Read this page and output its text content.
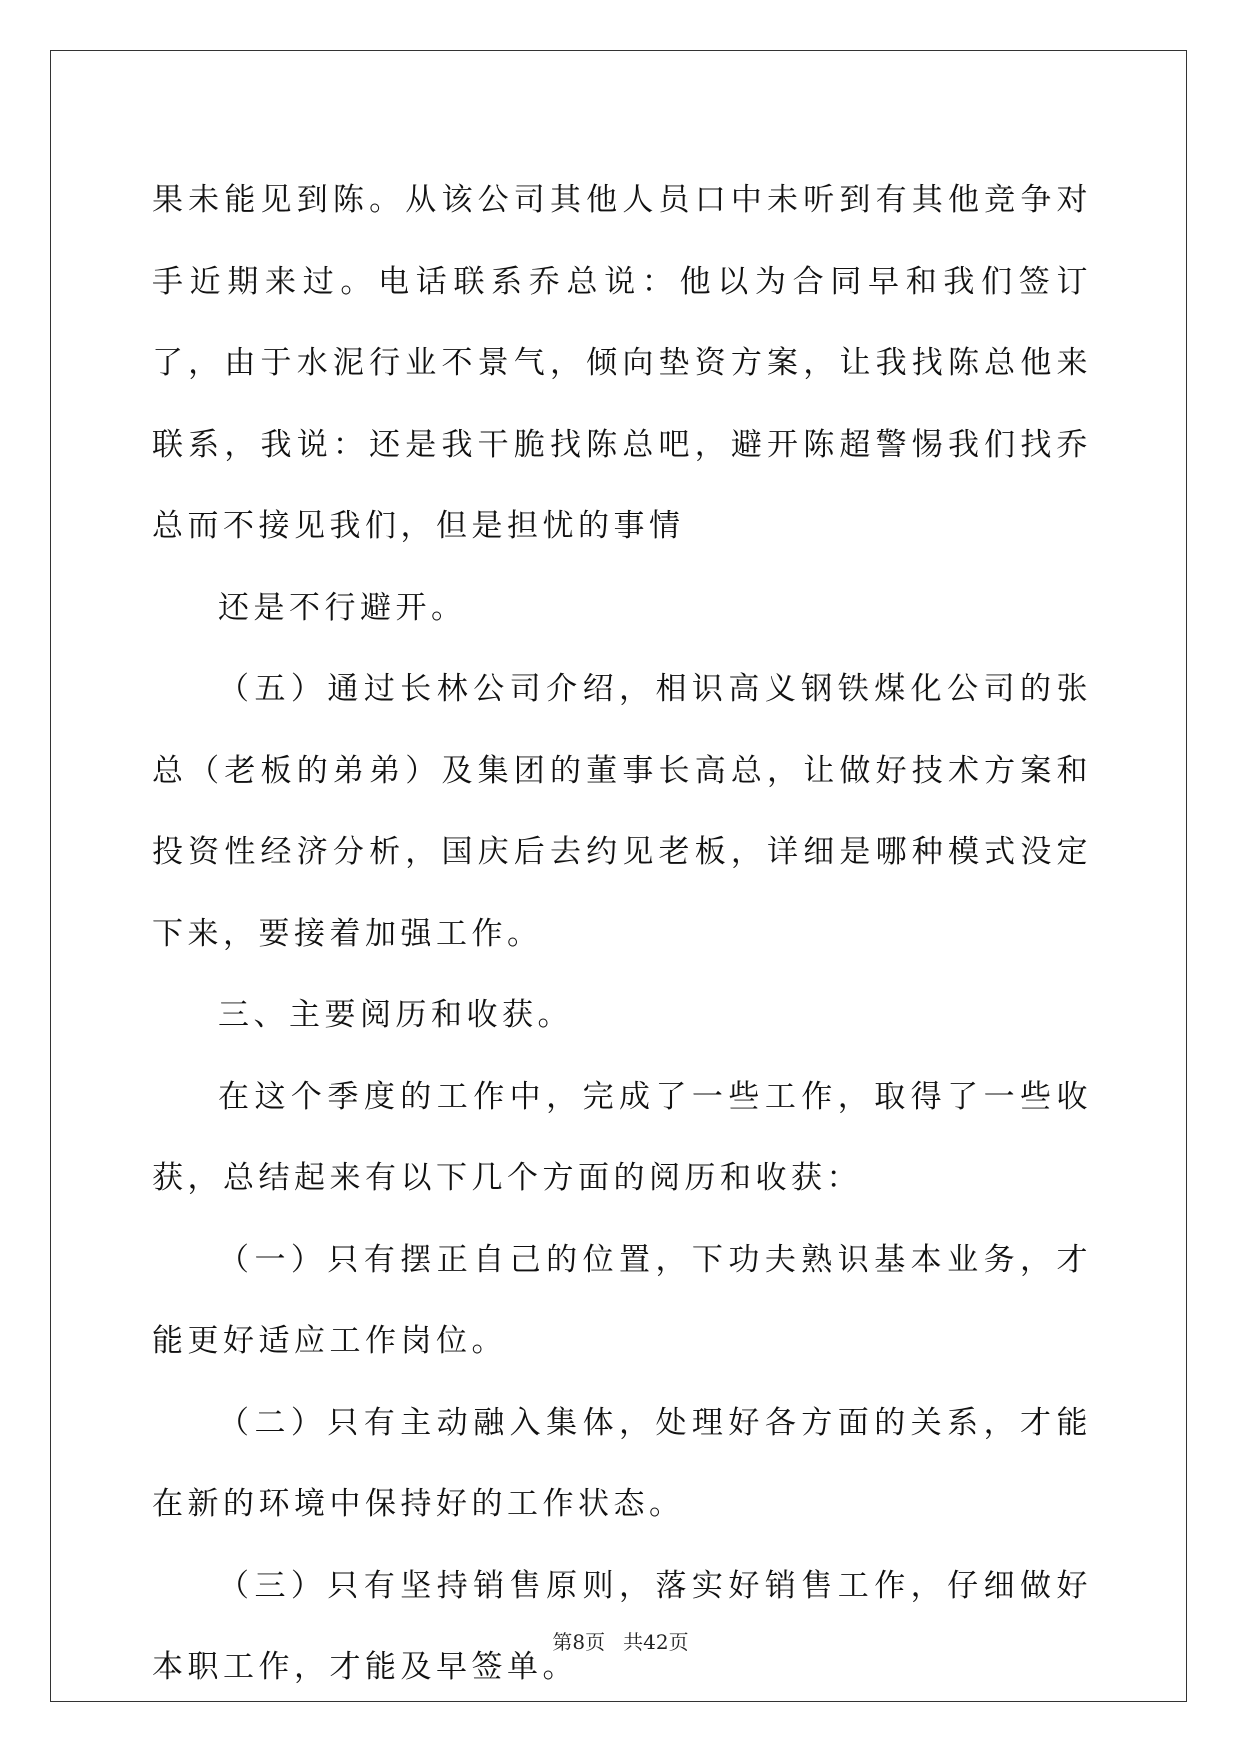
果未能见到陈。从该公司其他人员口中未听到有其他竞争对手近期来过。电话联系乔总说：他以为合同早和我们签订了，由于水泥行业不景气，倾向垫资方案，让我找陈总他来联系，我说：还是我干脆找陈总吧，避开陈超警惕我们找乔总而不接见我们，但是担忧的事情

还是不行避开。

（五）通过长林公司介绍，相识高义钢铁煤化公司的张总（老板的弟弟）及集团的董事长高总，让做好技术方案和投资性经济分析，国庆后去约见老板，详细是哪种模式没定下来，要接着加强工作。

三、主要阅历和收获。

在这个季度的工作中，完成了一些工作，取得了一些收获，总结起来有以下几个方面的阅历和收获：

（一）只有摆正自己的位置，下功夫熟识基本业务，才能更好适应工作岗位。

（二）只有主动融入集体，处理好各方面的关系，才能在新的环境中保持好的工作状态。

（三）只有坚持销售原则，落实好销售工作，仔细做好本职工作，才能及早签单。

第8页 共42页
